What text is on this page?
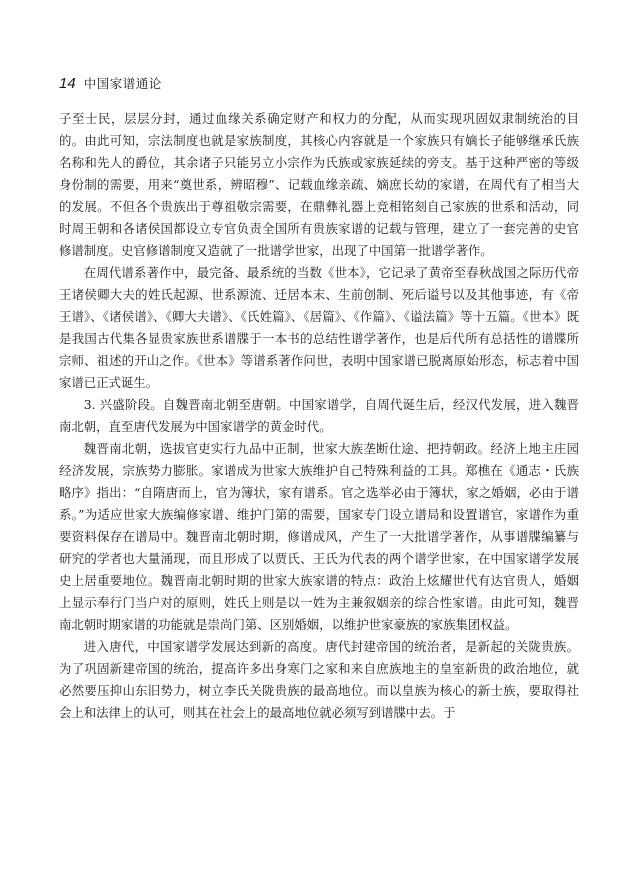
14 中国家谱通论

子至士民，层层分封，通过血缘关系确定财产和权力的分配，从而实现巩固奴隶制统治的目的。由此可知，宗法制度也就是家族制度，其核心内容就是一个家族只有嫡长子能够继承氏族名称和先人的爵位，其余诸子只能另立小宗作为氏族或家族延续的旁支。基于这种严密的等级身份制的需要，用来“奠世系，辨昭穆”、记载血缘亲疏、嫡庶长幼的家谱，在周代有了相当大的发展。不但各个贵族出于尊祖敬宗需要，在鼎彝礼器上竞相铭刻自己家族的世系和活动，同时周王朝和各诸侯国都设立专官负责全国所有贵族家谱的记载与管理，建立了一套完善的史官修谱制度。史官修谱制度又造就了一批谱学世家，出现了中国第一批谱学著作。

在周代谱系著作中，最完备、最系统的当数《世本》，它记录了黄帝至春秋战国之际历代帝王诸侯卿大夫的姓氏起源、世系源流、迁居本末、生前创制、死后谥号以及其他事迹，有《帝王谱》、《诸侯谱》、《卿大夫谱》、《氏姓篇》、《居篇》、《作篇》、《谥法篇》等十五篇。《世本》既是我国古代集各显贵家族世系谱牒于一本书的总结性谱学著作，也是后代所有总括性的谱牒所宗师、祖述的开山之作。《世本》等谱系著作问世，表明中国家谱已脱离原始形态，标志着中国家谱已正式诞生。

3. 兴盛阶段。自魏晋南北朝至唐朝。中国家谱学，自周代诞生后，经汉代发展，进入魏晋南北朝，直至唐代发展为中国家谱学的黄金时代。

魏晋南北朝，选拔官吏实行九品中正制，世家大族垄断仕途、把持朝政。经济上地主庄园经济发展，宗族势力膨胀。家谱成为世家大族维护自己特殊利益的工具。郑樵在《通志・氏族略序》指出：“自隋唐而上，官为簿状，家有谱系。官之选举必由于簿状，家之婚姻，必由于谱系。”为适应世家大族编修家谱、维护门第的需要，国家专门设立谱局和设置谱官，家谱作为重要资料保存在谱局中。魏晋南北朝时期，修谱成风，产生了一大批谱学著作，从事谱牒编纂与研究的学者也大量涌现，而且形成了以贾氏、王氏为代表的两个谱学世家，在中国家谱学发展史上居重要地位。魏晋南北朝时期的世家大族家谱的特点：政治上炫耀世代有达官贵人，婚姻上显示奉行门当户对的原则，姓氏上则是以一姓为主兼叙姻亲的综合性家谱。由此可知，魏晋南北朝时期家谱的功能就是崇尚门第、区别婚姻，以维护世家豪族的家族集团权益。

进入唐代，中国家谱学发展达到新的高度。唐代封建帝国的统治者，是新起的关陇贵族。为了巩固新建帝国的统治，提高许多出身寒门之家和来自庶族地主的皇室新贵的政治地位，就必然要压抑山东旧势力，树立李氏关陇贵族的最高地位。而以皇族为核心的新士族，要取得社会上和法律上的认可，则其在社会上的最高地位就必须写到谱牒中去。于
